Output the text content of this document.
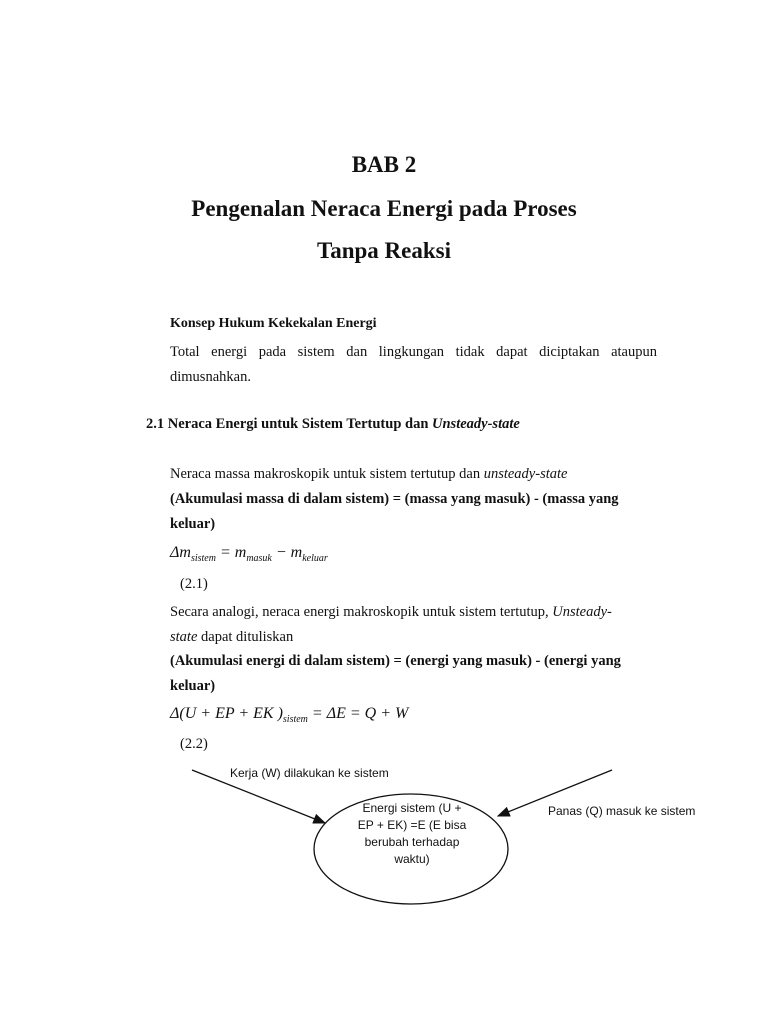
BAB 2
Pengenalan Neraca Energi pada Proses
Tanpa Reaksi
Konsep Hukum Kekekalan Energi
Total energi pada sistem dan lingkungan tidak dapat diciptakan ataupun dimusnahkan.
2.1 Neraca Energi untuk Sistem Tertutup dan Unsteady-state
Neraca massa makroskopik untuk sistem tertutup dan unsteady-state
(Akumulasi massa di dalam sistem) = (massa yang masuk) - (massa yang
keluar)
$\Delta m_{sistem} = m_{masuk} - m_{keluar}$
(2.1)
Secara analogi, neraca energi makroskopik untuk sistem tertutup, Unsteady-
state dapat dituliskan
(Akumulasi energi di dalam sistem) = (energi yang masuk) - (energi yang
keluar)
Δ(U + EP + EK )$_{sistem} = \Delta E = Q + W$
(2.2)
Kerja (W) dilakukan ke sistem
Panas (Q) masuk ke sistem
Energi sistem (U +
EP + EK) =E (E bisa
berubah terhadap
waktu)
